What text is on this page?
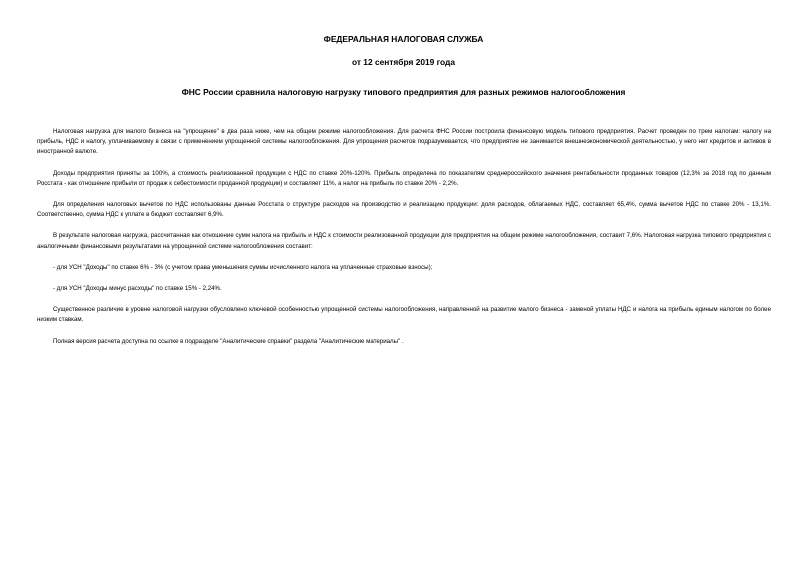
ФЕДЕРАЛЬНАЯ НАЛОГОВАЯ СЛУЖБА
от 12 сентября 2019 года
ФНС России сравнила налоговую нагрузку типового предприятия для разных режимов налогообложения

Налоговая нагрузка для малого бизнеса на "упрощенке" в два раза ниже, чем на общем режиме налогообложения. Для расчета ФНС России построила финансовую модель типового предприятия. Расчет проведен по трем налогам: налогу на прибыль, НДС и налогу, уплачиваемому в связи с применением упрощенной системы налогообложения. Для упрощения расчетов подразумевается, что предприятие не занимается внешнеэкономической деятельностью, у него нет кредитов и активов в иностранной валюте.

Доходы предприятия приняты за 100%, а стоимость реализованной продукции с НДС по ставке 20%-120%. Прибыль определена по показателям среднероссийского значения рентабельности проданных товаров (12,3% за 2018 год по данным Росстата - как отношение прибыли от продаж к себестоимости проданной продукции) и составляет 11%, а налог на прибыль по ставке 20% - 2,2%.

Для определения налоговых вычетов по НДС использованы данные Росстата о структуре расходов на производство и реализацию продукции: доля расходов, облагаемых НДС, составляет 65,4%, сумма вычетов НДС по ставке 20% - 13,1%. Соответственно, сумма НДС к уплате в бюджет составляет 6,9%.

В результате налоговая нагрузка, рассчитанная как отношение сумм налога на прибыль и НДС к стоимости реализованной продукции для предприятия на общем режиме налогообложения, составит 7,6%. Налоговая нагрузка типового предприятия с аналогичными финансовыми результатами на упрощенной системе налогообложения составит:

- для УСН "Доходы" по ставке 6% - 3% (с учетом права уменьшения суммы исчисленного налога на уплаченные страховые взносы);

- для УСН "Доходы минус расходы" по ставке 15% - 2,24%.

Существенное различие в уровне налоговой нагрузки обусловлено ключевой особенностью упрощенной системы налогообложения, направленной на развитие малого бизнеса - заменой уплаты НДС и налога на прибыль единым налогом по более низким ставкам.

Полная версия расчета доступна по ссылке в подразделе "Аналитические справки" раздела "Аналитические материалы" .
